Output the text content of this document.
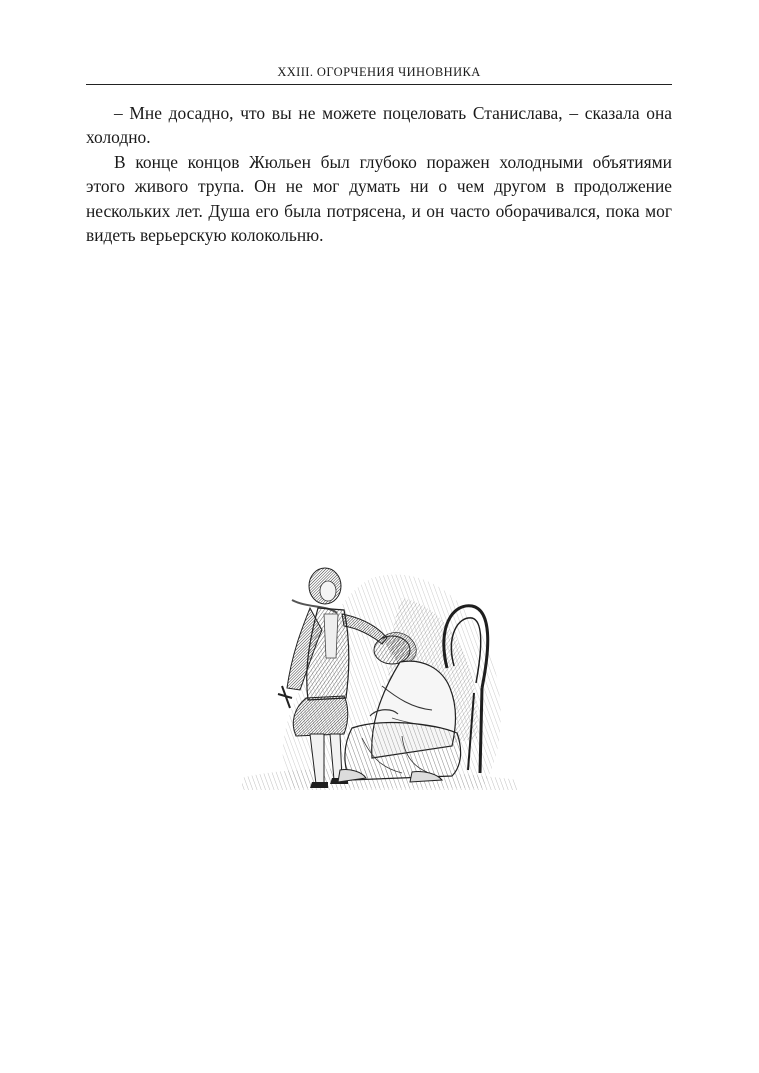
XXIII. ОГОРЧЕНИЯ ЧИНОВНИКА

– Мне досадно, что вы не можете поцеловать Станислава, – сказала она холодно.

В конце концов Жюльен был глубоко поражен холодными объятиями этого живого трупа. Он не мог думать ни о чем другом в продолжение нескольких лет. Душа его была потрясена, и он часто оборачивался, пока мог видеть верьерскую колокольню.
